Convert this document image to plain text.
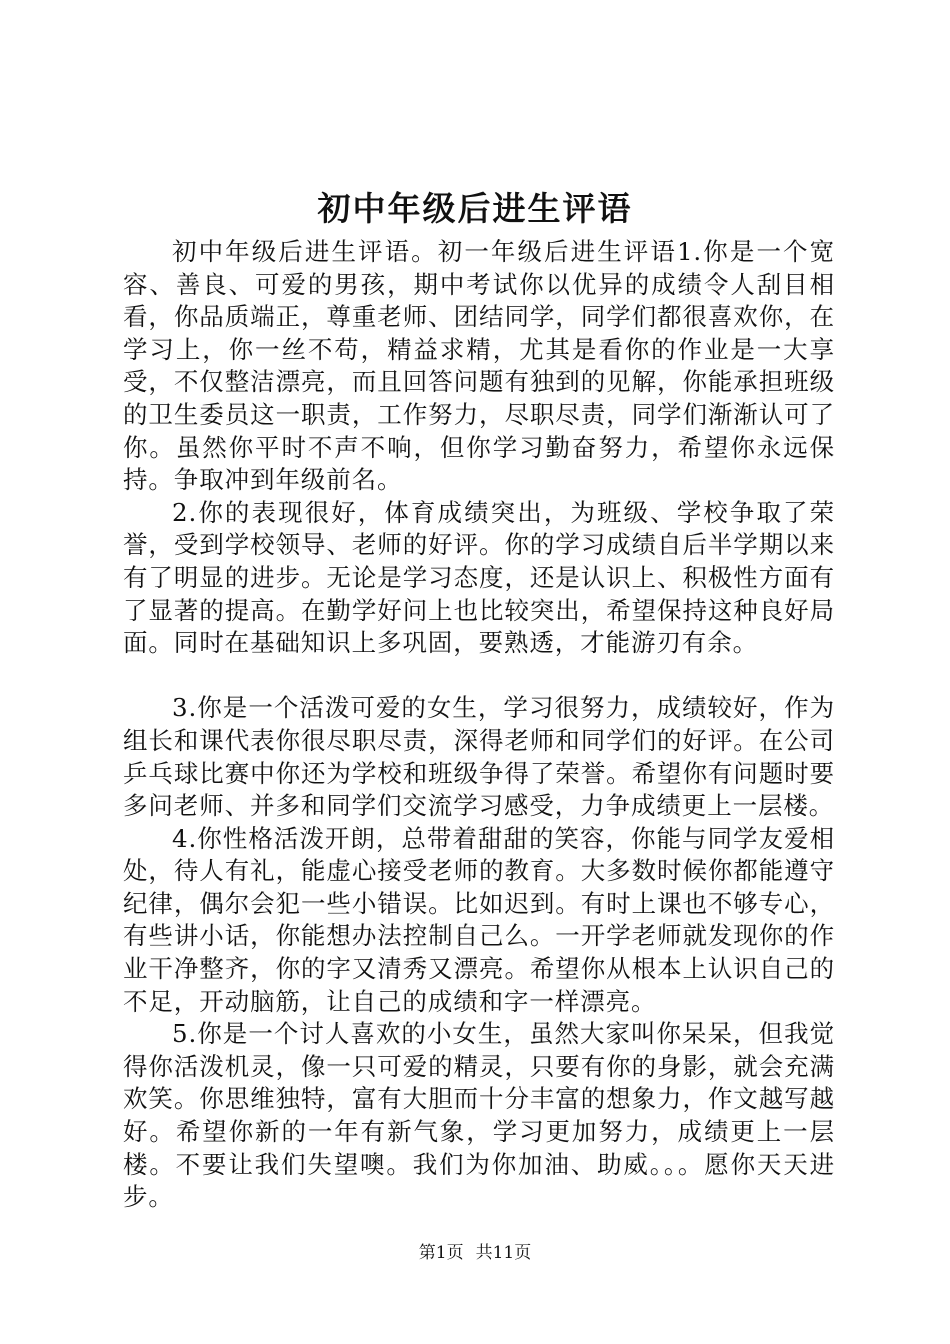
初中年级后进生评语

初中年级后进生评语。初一年级后进生评语1.你是一个宽容、善良、可爱的男孩，期中考试你以优异的成绩令人刮目相看，你品质端正，尊重老师、团结同学，同学们都很喜欢你，在学习上，你一丝不苟，精益求精，尤其是看你的作业是一大享受，不仅整洁漂亮，而且回答问题有独到的见解，你能承担班级的卫生委员这一职责，工作努力，尽职尽责，同学们渐渐认可了你。虽然你平时不声不响，但你学习勤奋努力，希望你永远保持。争取冲到年级前名。

2.你的表现很好，体育成绩突出，为班级、学校争取了荣誉，受到学校领导、老师的好评。你的学习成绩自后半学期以来有了明显的进步。无论是学习态度，还是认识上、积极性方面有了显著的提高。在勤学好问上也比较突出，希望保持这种良好局面。同时在基础知识上多巩固，要熟透，才能游刃有余。

3.你是一个活泼可爱的女生，学习很努力，成绩较好，作为组长和课代表你很尽职尽责，深得老师和同学们的好评。在公司乒乓球比赛中你还为学校和班级争得了荣誉。希望你有问题时要多问老师、并多和同学们交流学习感受，力争成绩更上一层楼。

4.你性格活泼开朗，总带着甜甜的笑容，你能与同学友爱相处，待人有礼，能虚心接受老师的教育。大多数时候你都能遵守纪律，偶尔会犯一些小错误。比如迟到。有时上课也不够专心，有些讲小话，你能想办法控制自己么。一开学老师就发现你的作业干净整齐，你的字又清秀又漂亮。希望你从根本上认识自己的不足，开动脑筋，让自己的成绩和字一样漂亮。

5.你是一个讨人喜欢的小女生，虽然大家叫你呆呆，但我觉得你活泼机灵，像一只可爱的精灵，只要有你的身影，就会充满欢笑。你思维独特，富有大胆而十分丰富的想象力，作文越写越好。希望你新的一年有新气象，学习更加努力，成绩更上一层楼。不要让我们失望噢。我们为你加油、助威。。。愿你天天进步。

第1页 共11页
